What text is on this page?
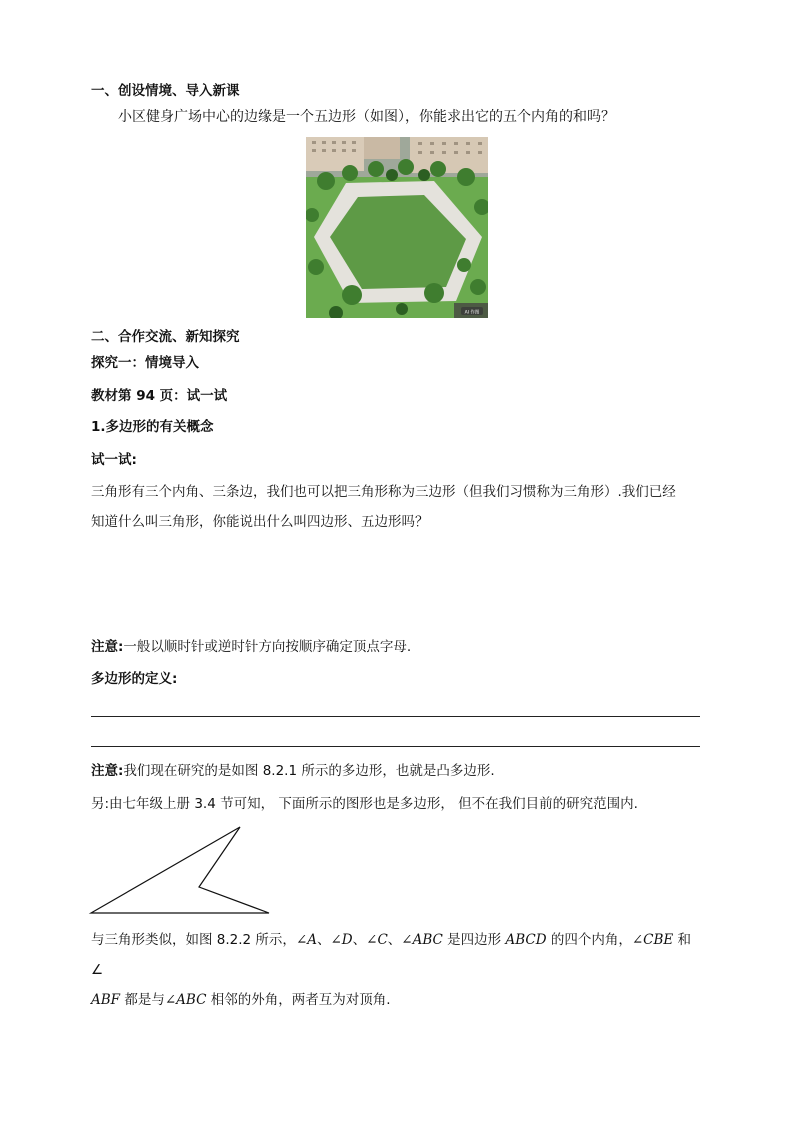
一、创设情境、导入新课
小区健身广场中心的边缘是一个五边形（如图），你能求出它的五个内角的和吗？
AI 作图
二、合作交流、新知探究
探究一：情境导入
教材第 94 页：试一试
1.多边形的有关概念
试一试:
三角形有三个内角、三条边，我们也可以把三角形称为三边形（但我们习惯称为三角形）.我们已经
知道什么叫三角形，你能说出什么叫四边形、五边形吗？
注意:一般以顺时针或逆时针方向按顺序确定顶点字母.
多边形的定义:
注意:我们现在研究的是如图 8.2.1 所示的多边形，也就是凸多边形.
另:由七年级上册 3.4 节可知， 下面所示的图形也是多边形， 但不在我们目前的研究范围内.
与三角形类似，如图 8.2.2 所示，∠A、∠D、∠C、∠ABC 是四边形 ABCD 的四个内角，∠CBE 和∠
ABF 都是与∠ABC 相邻的外角，两者互为对顶角.
